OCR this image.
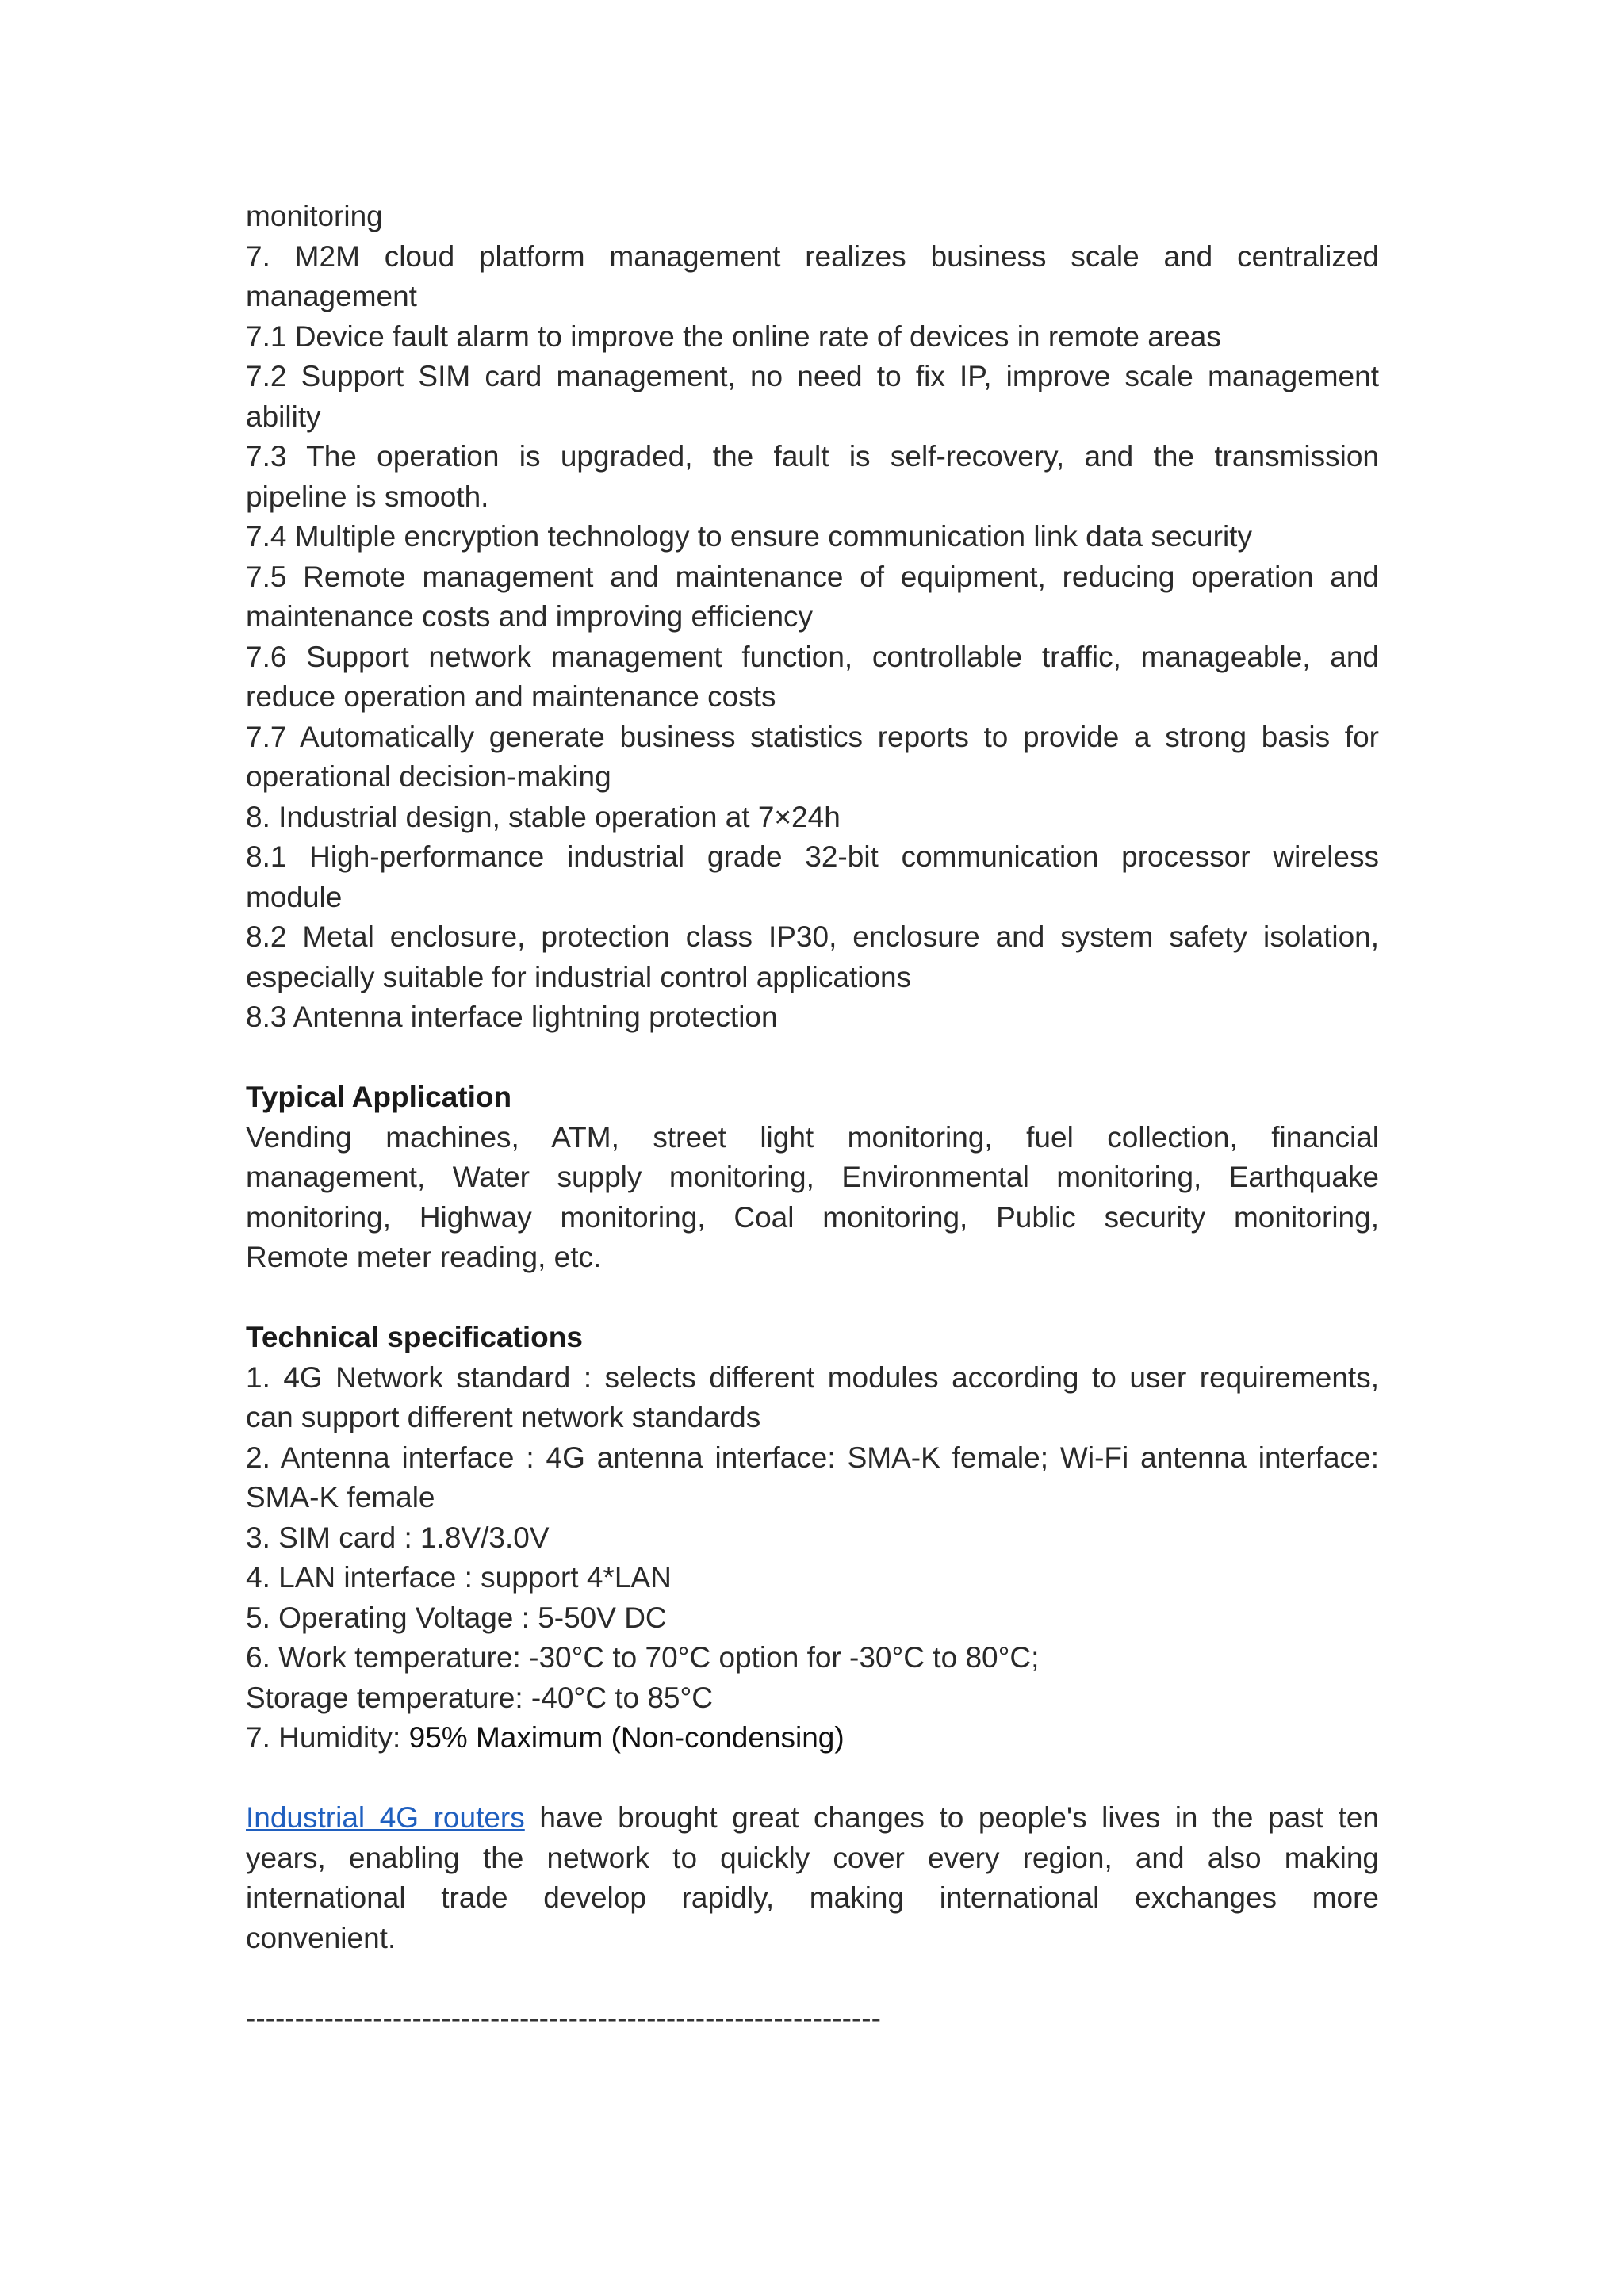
monitoring
7. M2M cloud platform management realizes business scale and centralized
management
7.1 Device fault alarm to improve the online rate of devices in remote areas
7.2 Support SIM card management, no need to fix IP, improve scale management
ability
7.3 The operation is upgraded, the fault is self-recovery, and the transmission
pipeline is smooth.
7.4 Multiple encryption technology to ensure communication link data security
7.5 Remote management and maintenance of equipment, reducing operation and
maintenance costs and improving efficiency
7.6 Support network management function, controllable traffic, manageable, and
reduce operation and maintenance costs
7.7 Automatically generate business statistics reports to provide a strong basis for
operational decision-making
8. Industrial design, stable operation at 7×24h
8.1 High-performance industrial grade 32-bit communication processor wireless
module
8.2 Metal enclosure, protection class IP30, enclosure and system safety isolation,
especially suitable for industrial control applications
8.3 Antenna interface lightning protection
Typical Application
Vending machines, ATM, street light monitoring, fuel collection, financial
management, Water supply monitoring, Environmental monitoring, Earthquake
monitoring, Highway monitoring, Coal monitoring, Public security monitoring,
Remote meter reading, etc.
Technical specifications
1. 4G Network standard : selects different modules according to user requirements,
can support different network standards
2. Antenna interface : 4G antenna interface: SMA-K female; Wi-Fi antenna interface:
SMA-K female
3. SIM card : 1.8V/3.0V
4. LAN interface : support 4*LAN
5. Operating Voltage : 5-50V DC
6. Work temperature: -30°C to 70°C option for -30°C to 80°C;
Storage temperature: -40°C to 85°C
7. Humidity: 95% Maximum (Non-condensing)
Industrial 4G routers have brought great changes to people's lives in the past ten
years, enabling the network to quickly cover every region, and also making
international trade develop rapidly, making international exchanges more
convenient.
-----------------------------------------------------------------
